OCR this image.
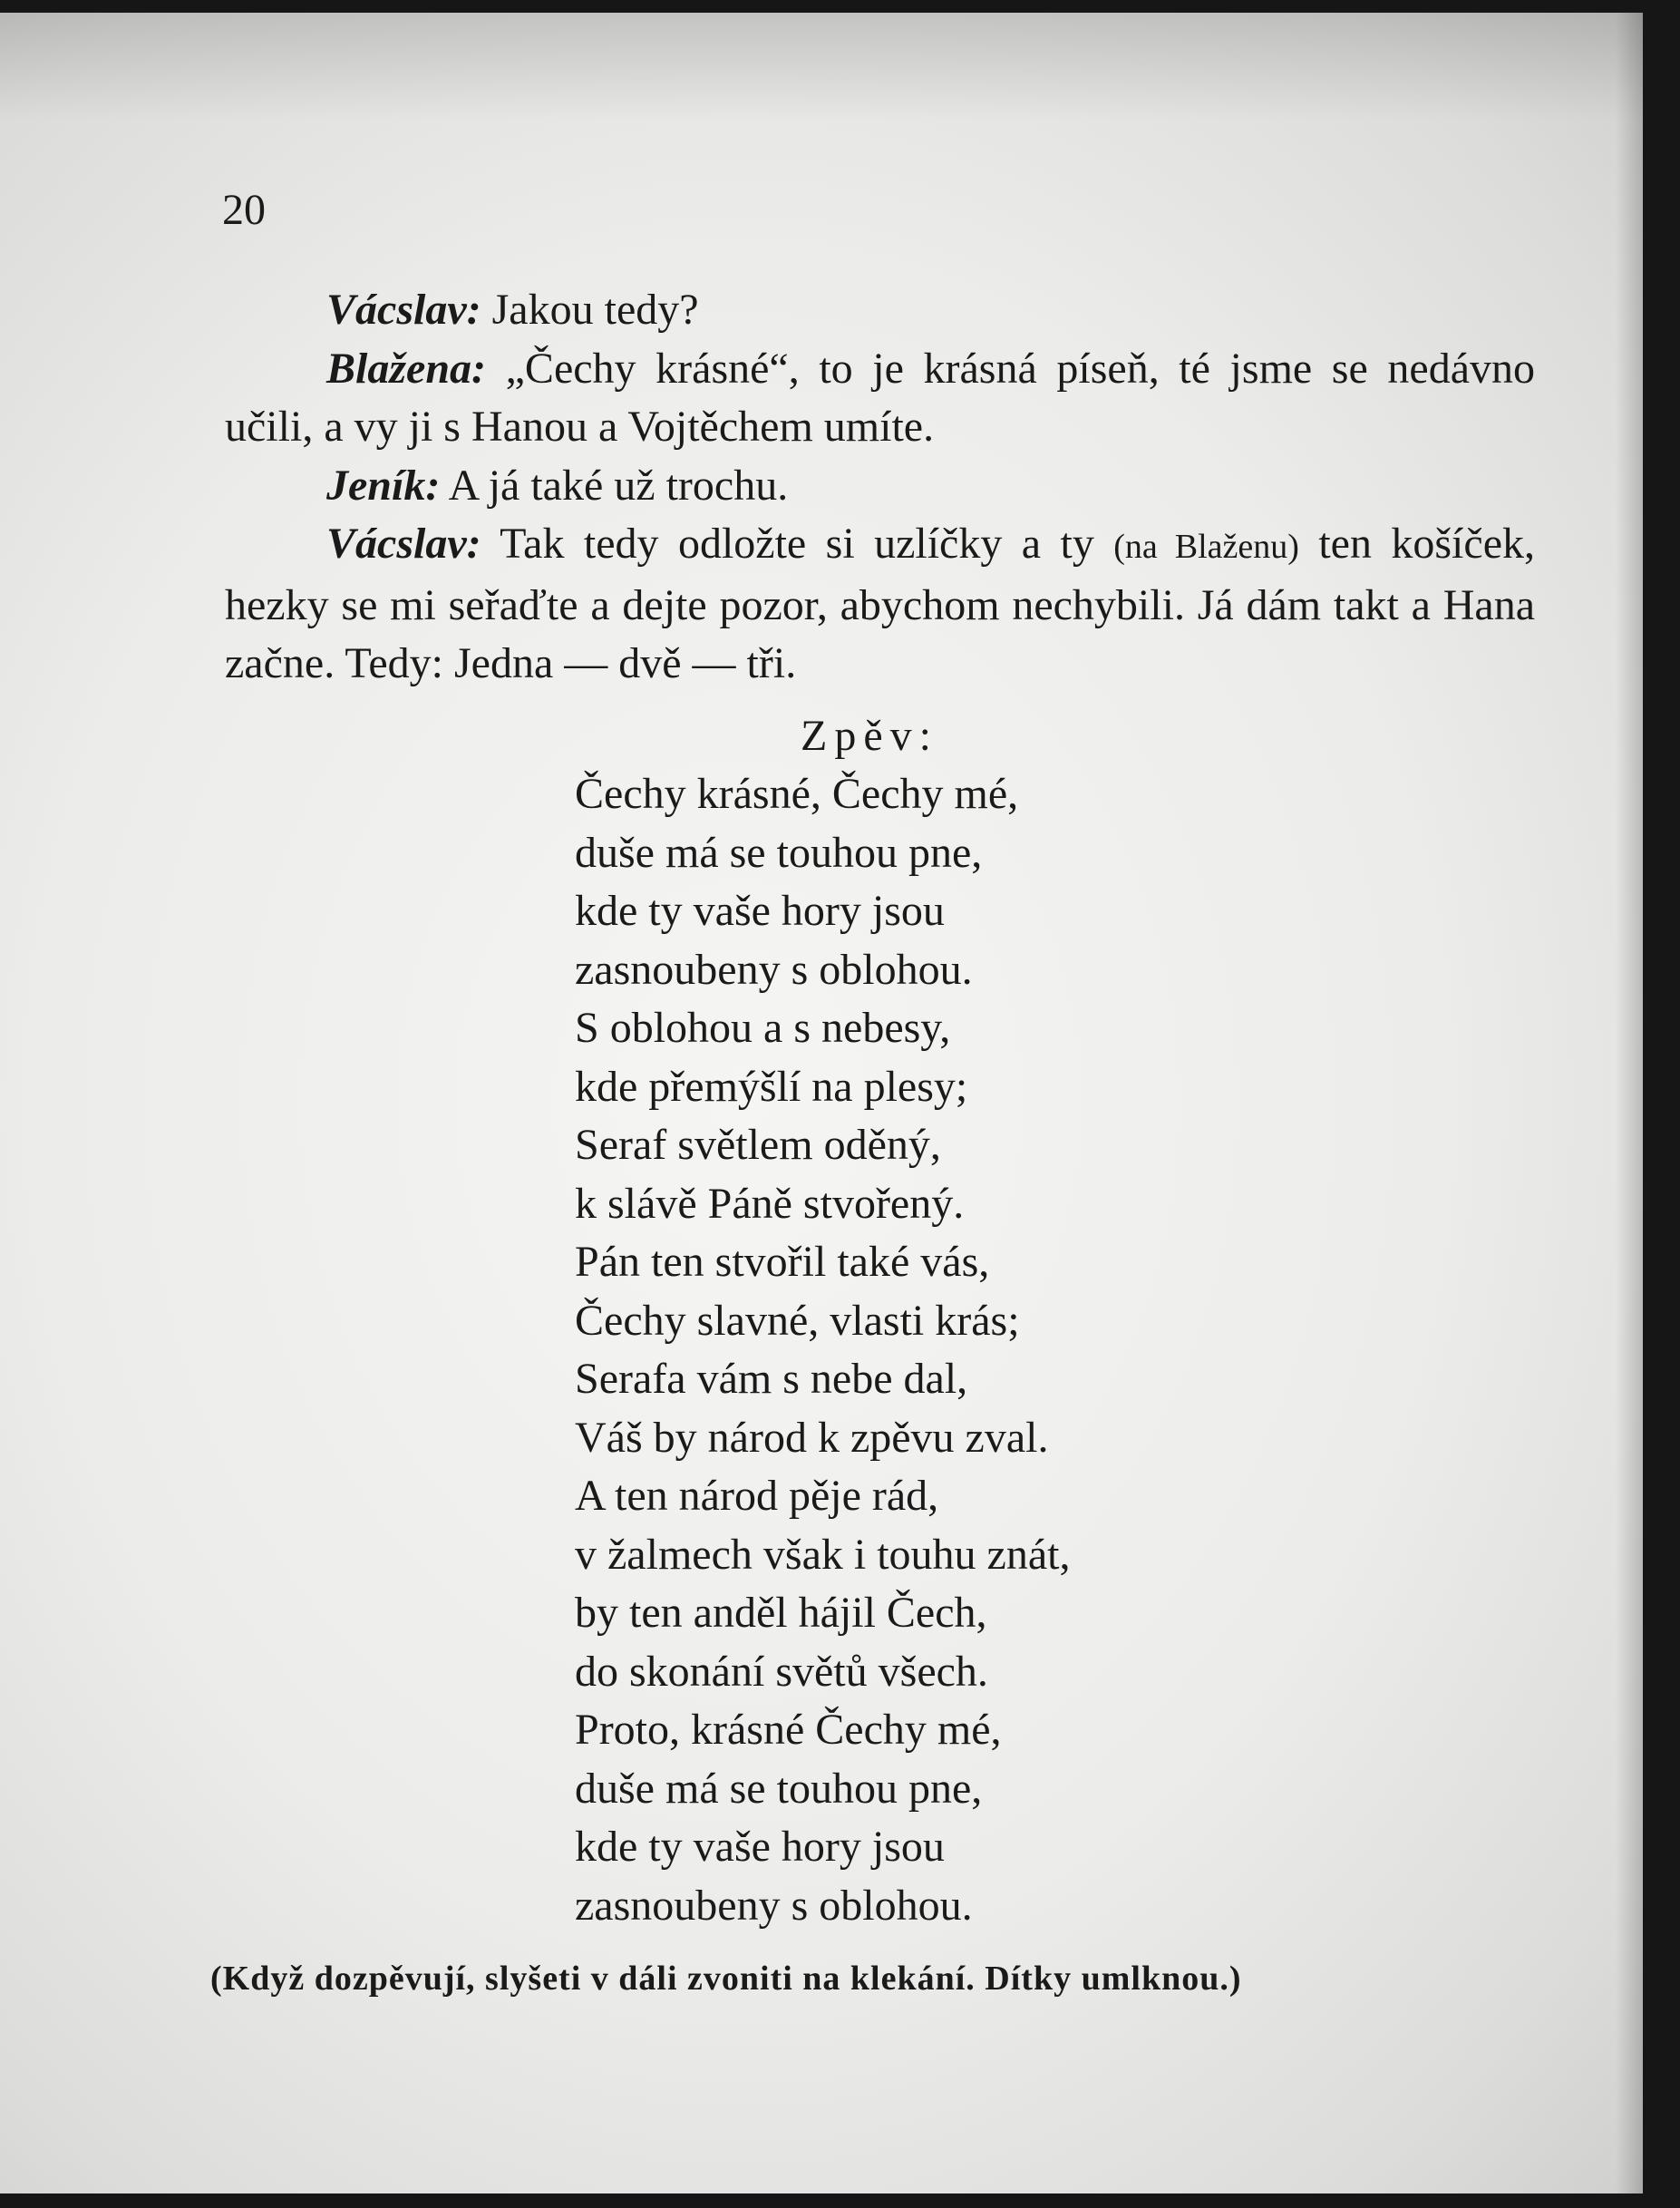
20

Vácslav: Jakou tedy?

Blažena: „Čechy krásné“, to je krásná píseň, té jsme se nedávno učili, a vy ji s Hanou a Vojtěchem umíte.

Jeník: A já také už trochu.

Vácslav: Tak tedy odložte si uzlíčky a ty (na Blaženu) ten košíček, hezky se mi seřaďte a dejte pozor, abychom nechybili. Já dám takt a Hana začne. Tedy: Jedna — dvě — tři.

Zpěv:
Čechy krásné, Čechy mé,
duše má se touhou pne,
kde ty vaše hory jsou
zasnoubeny s oblohou.
S oblohou a s nebesy,
kde přemýšlí na plesy;
Seraf světlem oděný,
k slávě Páně stvořený.
Pán ten stvořil také vás,
Čechy slavné, vlasti krás;
Serafa vám s nebe dal,
Váš by národ k zpěvu zval.
A ten národ pěje rád,
v žalmech však i touhu znát,
by ten anděl hájil Čech,
do skonání světů všech.
Proto, krásné Čechy mé,
duše má se touhou pne,
kde ty vaše hory jsou
zasnoubeny s oblohou.
(Když dozpěvují, slyšeti v dáli zvoniti na klekání. Dítky umlknou.)
